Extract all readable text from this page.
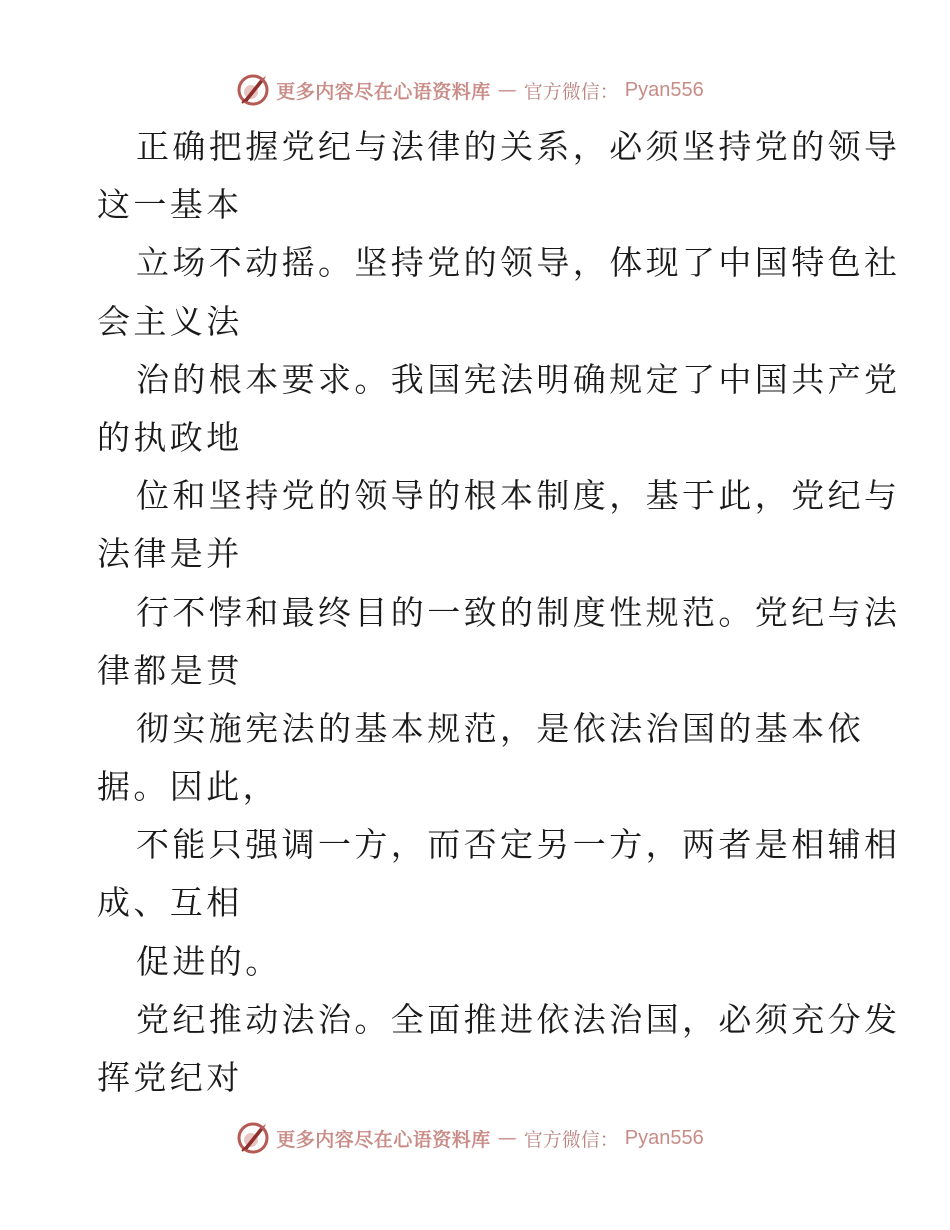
更多内容尽在心语资料库 — 官方微信： Pyan556
正确把握党纪与法律的关系，必须坚持党的领导
这一基本
立场不动摇。坚持党的领导，体现了中国特色社
会主义法
治的根本要求。我国宪法明确规定了中国共产党
的执政地
位和坚持党的领导的根本制度，基于此，党纪与
法律是并
行不悖和最终目的一致的制度性规范。党纪与法
律都是贯
彻实施宪法的基本规范，是依法治国的基本依
据。因此，
不能只强调一方，而否定另一方，两者是相辅相
成、互相
促进的。
党纪推动法治。全面推进依法治国，必须充分发
挥党纪对
更多内容尽在心语资料库 — 官方微信： Pyan556
